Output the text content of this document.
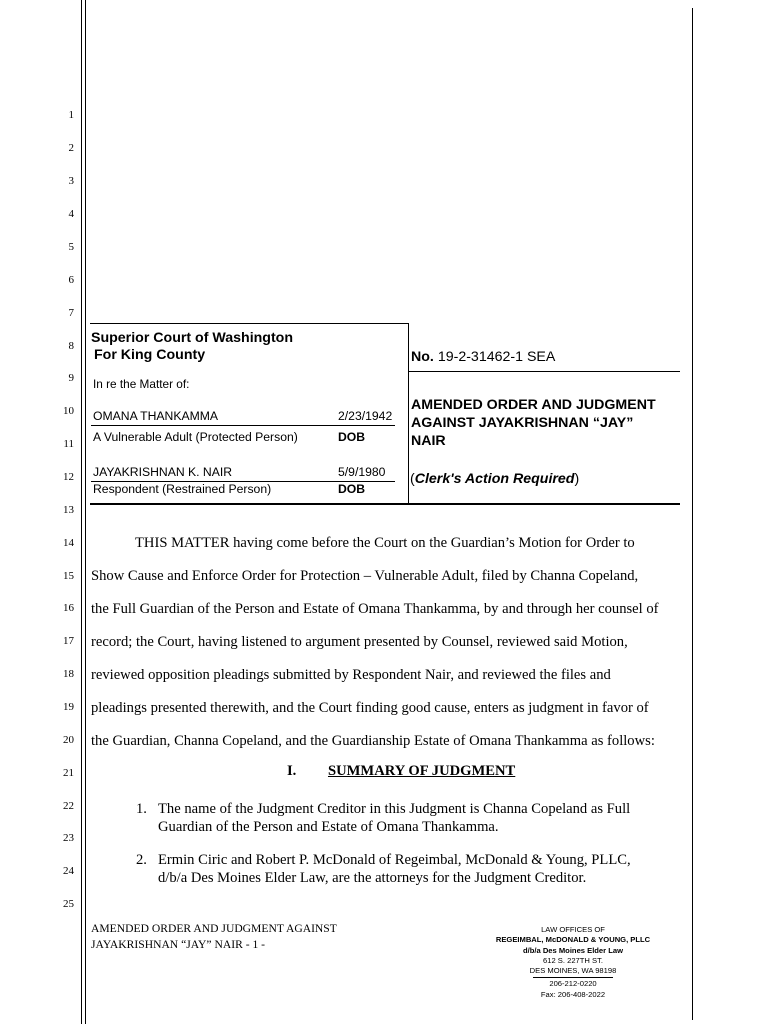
1
2
3
4
5
6
7
8
9
10
11
12
13
14
15
16
17
18
19
20
21
22
23
24
25
Superior Court of Washington
For King County
In re the Matter of:
OMANA THANKAMMA	2/23/1942
A Vulnerable Adult (Protected Person)	DOB
JAYAKRISHNAN K. NAIR	5/9/1980
Respondent (Restrained Person)	DOB
No. 19-2-31462-1 SEA
AMENDED ORDER AND JUDGMENT
AGAINST JAYAKRISHNAN “JAY”
NAIR
(Clerk's Action Required)
THIS MATTER having come before the Court on the Guardian’s Motion for Order to
Show Cause and Enforce Order for Protection – Vulnerable Adult, filed by Channa Copeland,
the Full Guardian of the Person and Estate of Omana Thankamma, by and through her counsel of
record; the Court, having listened to argument presented by Counsel, reviewed said Motion,
reviewed opposition pleadings submitted by Respondent Nair, and reviewed the files and
pleadings presented therewith, and the Court finding good cause, enters as judgment in favor of
the Guardian, Channa Copeland, and the Guardianship Estate of Omana Thankamma as follows:
I. SUMMARY OF JUDGMENT
1. The name of the Judgment Creditor in this Judgment is Channa Copeland as Full
Guardian of the Person and Estate of Omana Thankamma.
2. Ermin Ciric and Robert P. McDonald of Regeimbal, McDonald & Young, PLLC,
d/b/a Des Moines Elder Law, are the attorneys for the Judgment Creditor.
AMENDED ORDER AND JUDGMENT AGAINST
JAYAKRISHNAN “JAY” NAIR - 1 -
LAW OFFICES OF
REGEIMBAL, McDONALD & YOUNG, PLLC
d/b/a Des Moines Elder Law
612 S. 227TH ST.
DES MOINES, WA 98198
206-212-0220
Fax: 206-408-2022
